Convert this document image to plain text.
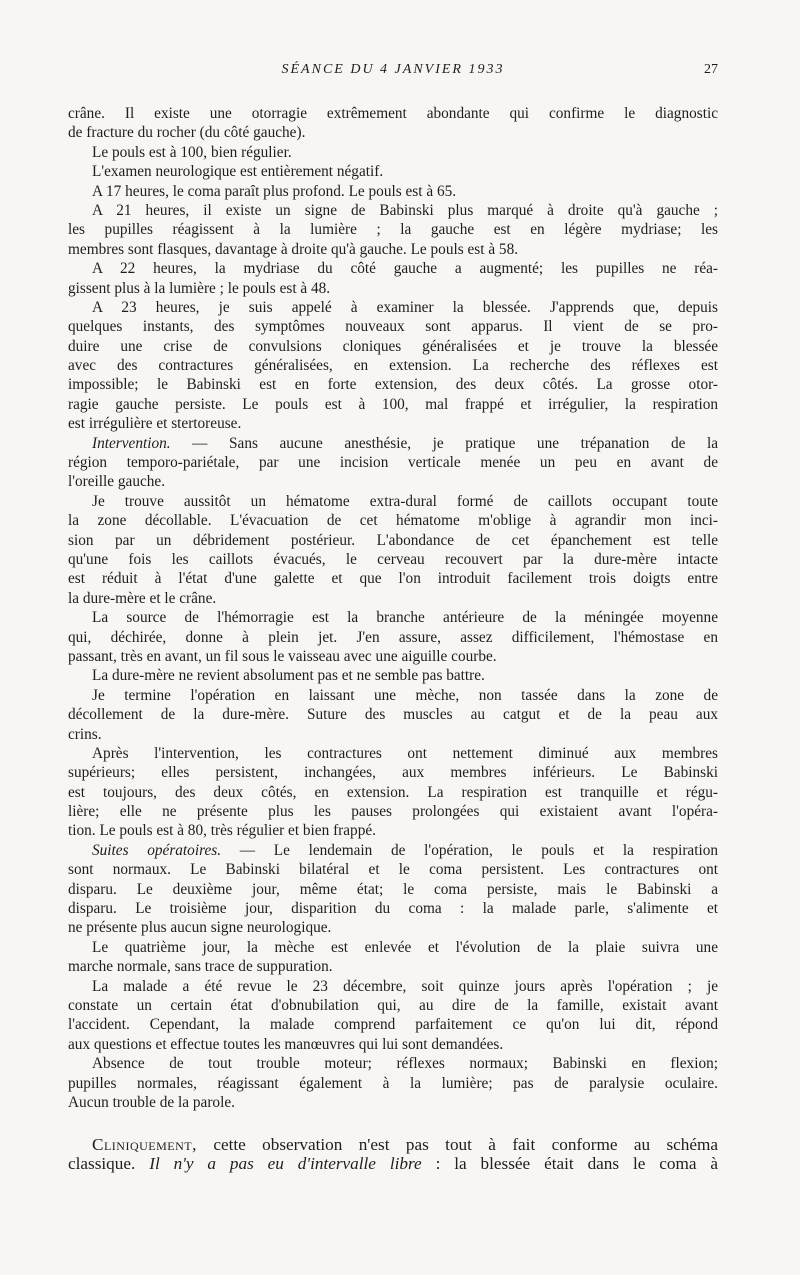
SÉANCE DU 4 JANVIER 1933	27
crâne. Il existe une otorragie extrêmement abondante qui confirme le diagnostic
de fracture du rocher (du côté gauche).
Le pouls est à 100, bien régulier.
L'examen neurologique est entièrement négatif.
A 17 heures, le coma paraît plus profond. Le pouls est à 65.
A 21 heures, il existe un signe de Babinski plus marqué à droite qu'à gauche ;
les pupilles réagissent à la lumière ; la gauche est en légère mydriase; les
membres sont flasques, davantage à droite qu'à gauche. Le pouls est à 58.
A 22 heures, la mydriase du côté gauche a augmenté; les pupilles ne réa-
gissent plus à la lumière ; le pouls est à 48.
A 23 heures, je suis appelé à examiner la blessée. J'apprends que, depuis
quelques instants, des symptômes nouveaux sont apparus. Il vient de se pro-
duire une crise de convulsions cloniques généralisées et je trouve la blessée
avec des contractures généralisées, en extension. La recherche des réflexes est
impossible; le Babinski est en forte extension, des deux côtés. La grosse otor-
ragie gauche persiste. Le pouls est à 100, mal frappé et irrégulier, la respiration
est irrégulière et stertoreuse.
Intervention. — Sans aucune anesthésie, je pratique une trépanation de la
région temporo-pariétale, par une incision verticale menée un peu en avant de
l'oreille gauche.
Je trouve aussitôt un hématome extra-dural formé de caillots occupant toute
la zone décollable. L'évacuation de cet hématome m'oblige à agrandir mon inci-
sion par un débridement postérieur. L'abondance de cet épanchement est telle
qu'une fois les caillots évacués, le cerveau recouvert par la dure-mère intacte
est réduit à l'état d'une galette et que l'on introduit facilement trois doigts entre
la dure-mère et le crâne.
La source de l'hémorragie est la branche antérieure de la méningée moyenne
qui, déchirée, donne à plein jet. J'en assure, assez difficilement, l'hémostase en
passant, très en avant, un fil sous le vaisseau avec une aiguille courbe.
La dure-mère ne revient absolument pas et ne semble pas battre.
Je termine l'opération en laissant une mèche, non tassée dans la zone de
décollement de la dure-mère. Suture des muscles au catgut et de la peau aux
crins.
Après l'intervention, les contractures ont nettement diminué aux membres
supérieurs; elles persistent, inchangées, aux membres inférieurs. Le Babinski
est toujours, des deux côtés, en extension. La respiration est tranquille et régu-
lière; elle ne présente plus les pauses prolongées qui existaient avant l'opéra-
tion. Le pouls est à 80, très régulier et bien frappé.
Suites opératoires. — Le lendemain de l'opération, le pouls et la respiration
sont normaux. Le Babinski bilatéral et le coma persistent. Les contractures ont
disparu. Le deuxième jour, même état; le coma persiste, mais le Babinski a
disparu. Le troisième jour, disparition du coma : la malade parle, s'alimente et
ne présente plus aucun signe neurologique.
Le quatrième jour, la mèche est enlevée et l'évolution de la plaie suivra une
marche normale, sans trace de suppuration.
La malade a été revue le 23 décembre, soit quinze jours après l'opération ; je
constate un certain état d'obnubilation qui, au dire de la famille, existait avant
l'accident. Cependant, la malade comprend parfaitement ce qu'on lui dit, répond
aux questions et effectue toutes les manœuvres qui lui sont demandées.
Absence de tout trouble moteur; réflexes normaux; Babinski en flexion;
pupilles normales, réagissant également à la lumière; pas de paralysie oculaire.
Aucun trouble de la parole.
Cliniquement, cette observation n'est pas tout à fait conforme au schéma
classique. Il n'y a pas eu d'intervalle libre : la blessée était dans le coma à
